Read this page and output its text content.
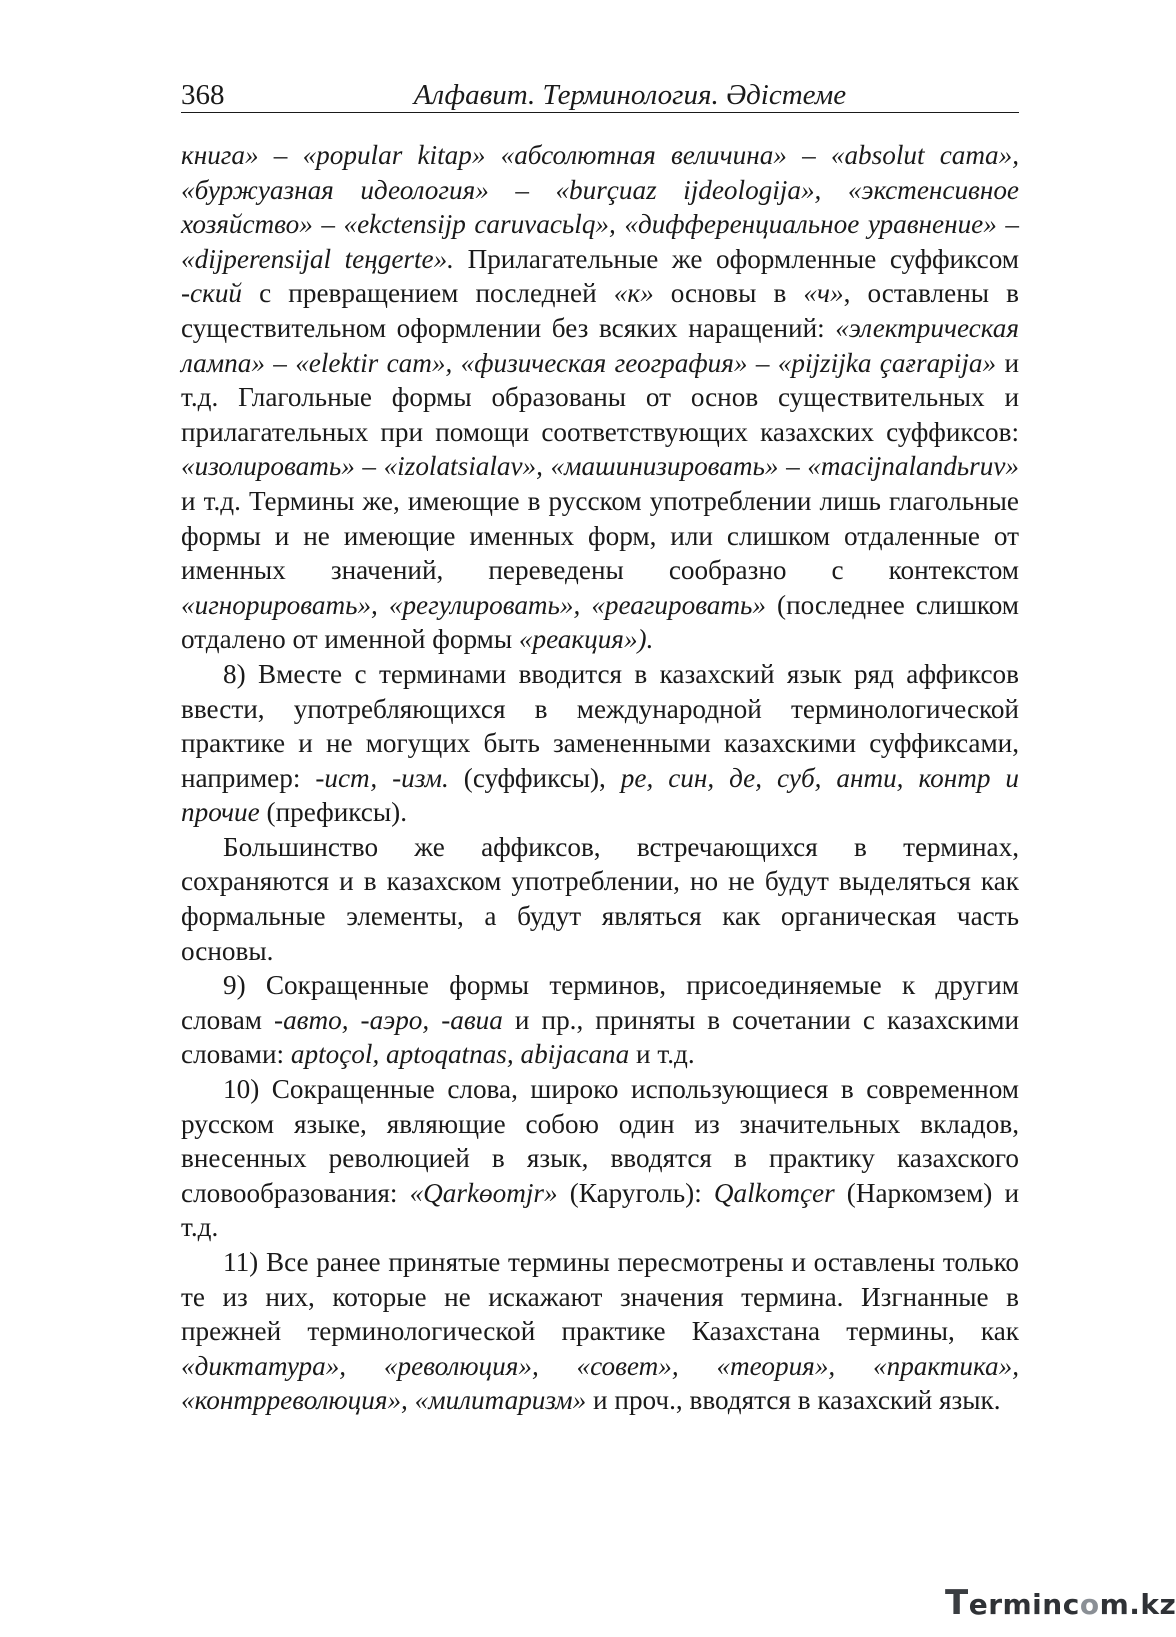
368	Алфавит. Терминология. Әдістеме

книга» – «popular kitap» «абсолютная величина» – «absolut cama», «буржуазная идеология» – «burçuaz ijdeologija», «экстенсивное хозяйство» – «ekctensijp caruvacьlq», «дифференциальное уравнение» – «dijperensijal teңgerte». Прилагательные же оформленные суффиксом -ский с превращением последней «к» основы в «ч», оставлены в существительном оформлении без всяких наращений: «электрическая лампа» – «elektir cam», «физическая география» – «pijzijka çaғrapija» и т.д. Глагольные формы образованы от основ существительных и прилагательных при помощи соответствующих казахских суффиксов: «изолировать» – «izolatsialav», «машинизировать» – «macijnalandьruv» и т.д. Термины же, имеющие в русском употреблении лишь глагольные формы и не имеющие именных форм, или слишком отдаленные от именных значений, переведены сообразно с контекстом «игнорировать», «регулировать», «реагировать» (последнее слишком отдалено от именной формы «реакция»).

8) Вместе с терминами вводится в казахский язык ряд аффиксов ввести, употребляющихся в международной терминологической практике и не могущих быть замененными казахскими суффиксами, например: -ист, -изм. (суффиксы), ре, син, де, суб, анти, контр и прочие (префиксы).

Большинство же аффиксов, встречающихся в терминах, сохраняются и в казахском употреблении, но не будут выделяться как формальные элементы, а будут являться как органическая часть основы.

9) Сокращенные формы терминов, присоединяемые к другим словам -авто, -аэро, -авиа и пр., приняты в сочетании с казахскими словами: aptoçol, aptoqatnas, abijacana и т.д.

10) Сокращенные слова, широко использующиеся в современном русском языке, являющие собою один из значительных вкладов, внесенных революцией в язык, вводятся в практику казахского словообразования: «Qarkөomjr» (Каруголь): Qalkomçer (Наркомзем) и т.д.

11) Все ранее принятые термины пересмотрены и оставлены только те из них, которые не искажают значения термина. Изгнанные в прежней терминологической практике Казахстана термины, как «диктатура», «революция», «совет», «теория», «практика», «контрреволюция», «милитаризм» и проч., вводятся в казахский язык.

Termincom.kz
